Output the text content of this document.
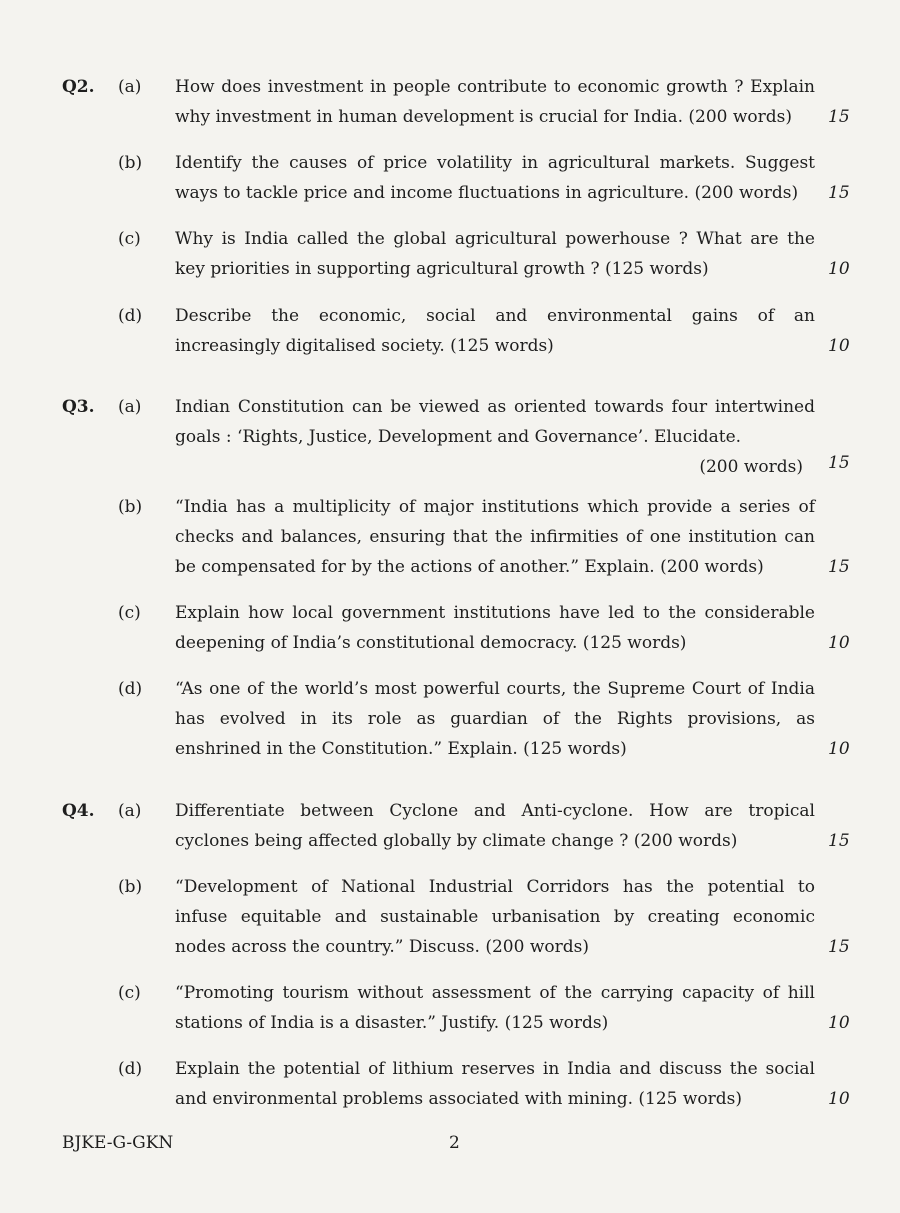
Q2. (a) How does investment in people contribute to economic growth ? Explain
why investment in human development is crucial for India. (200 words)	15
(b) Identify the causes of price volatility in agricultural markets. Suggest
ways to tackle price and income fluctuations in agriculture. (200 words)	15
(c) Why is India called the global agricultural powerhouse ? What are the
key priorities in supporting agricultural growth ? (125 words)	10
(d) Describe the economic, social and environmental gains of an
increasingly digitalised society. (125 words)	10
Q3. (a) Indian Constitution can be viewed as oriented towards four intertwined
goals : ‘Rights, Justice, Development and Governance’. Elucidate.
(200 words)	15
(b) “India has a multiplicity of major institutions which provide a series of
checks and balances, ensuring that the infirmities of one institution can
be compensated for by the actions of another.” Explain. (200 words)	15
(c) Explain how local government institutions have led to the considerable
deepening of India’s constitutional democracy. (125 words)	10
(d) “As one of the world’s most powerful courts, the Supreme Court of India
has evolved in its role as guardian of the Rights provisions, as
enshrined in the Constitution.” Explain. (125 words)	10
Q4. (a) Differentiate between Cyclone and Anti-cyclone. How are tropical
cyclones being affected globally by climate change ? (200 words)	15
(b) “Development of National Industrial Corridors has the potential to
infuse equitable and sustainable urbanisation by creating economic
nodes across the country.” Discuss. (200 words)	15
(c) “Promoting tourism without assessment of the carrying capacity of hill
stations of India is a disaster.” Justify. (125 words)	10
(d) Explain the potential of lithium reserves in India and discuss the social
and environmental problems associated with mining. (125 words)	10
BJKE-G-GKN	2
